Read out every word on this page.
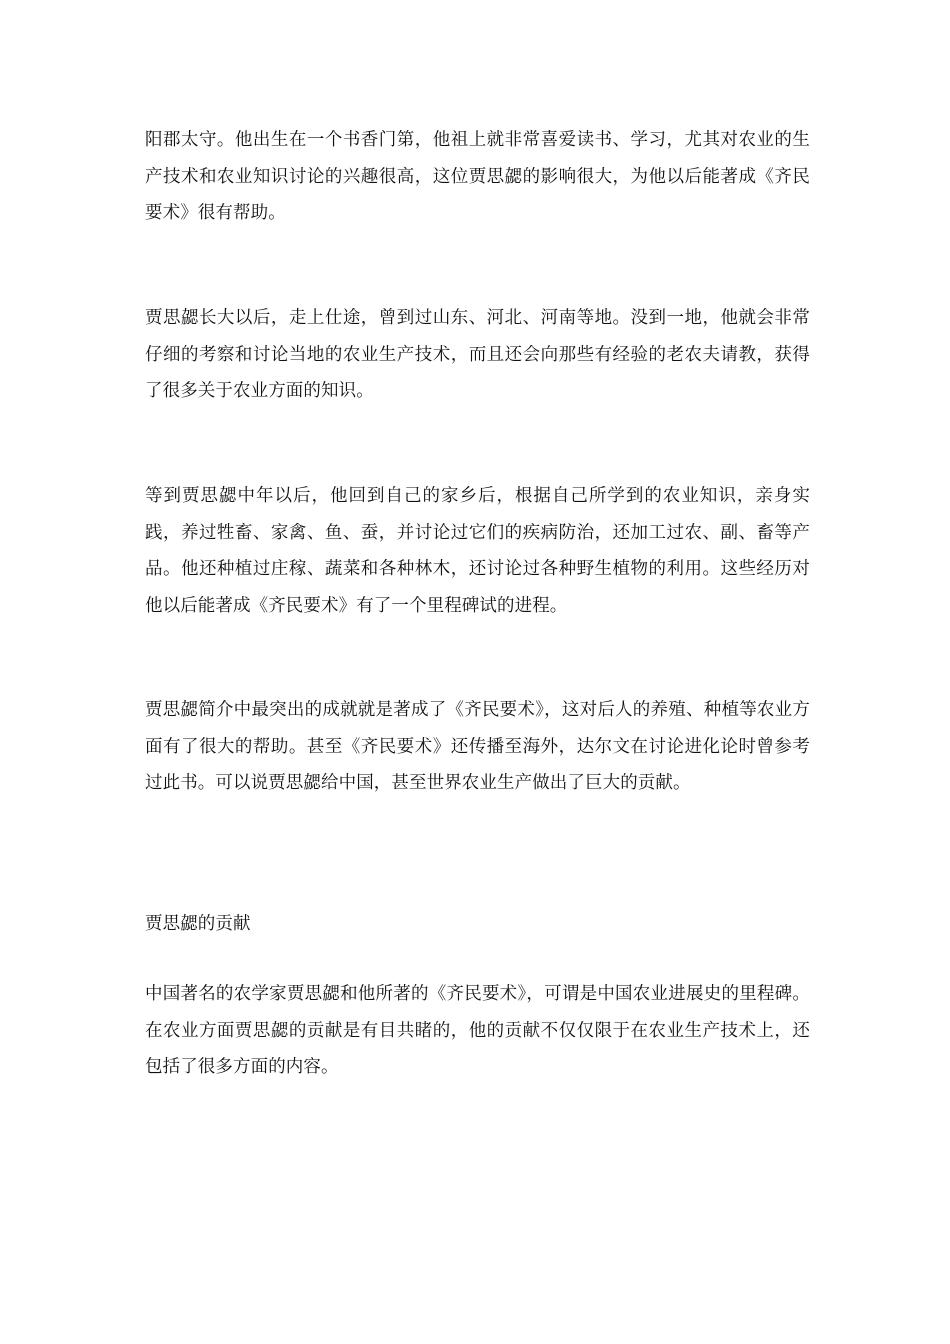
阳郡太守。他出生在一个书香门第，他祖上就非常喜爱读书、学习，尤其对农业的生产技术和农业知识讨论的兴趣很高，这位贾思勰的影响很大，为他以后能著成《齐民要术》很有帮助。

贾思勰长大以后，走上仕途，曾到过山东、河北、河南等地。没到一地，他就会非常仔细的考察和讨论当地的农业生产技术，而且还会向那些有经验的老农夫请教，获得了很多关于农业方面的知识。

等到贾思勰中年以后，他回到自己的家乡后，根据自己所学到的农业知识，亲身实践，养过牲畜、家禽、鱼、蚕，并讨论过它们的疾病防治，还加工过农、副、畜等产品。他还种植过庄稼、蔬菜和各种林木，还讨论过各种野生植物的利用。这些经历对他以后能著成《齐民要术》有了一个里程碑试的进程。

贾思勰简介中最突出的成就就是著成了《齐民要术》，这对后人的养殖、种植等农业方面有了很大的帮助。甚至《齐民要术》还传播至海外，达尔文在讨论进化论时曾参考过此书。可以说贾思勰给中国，甚至世界农业生产做出了巨大的贡献。

贾思勰的贡献

中国著名的农学家贾思勰和他所著的《齐民要术》，可谓是中国农业进展史的里程碑。在农业方面贾思勰的贡献是有目共睹的，他的贡献不仅仅限于在农业生产技术上，还包括了很多方面的内容。
